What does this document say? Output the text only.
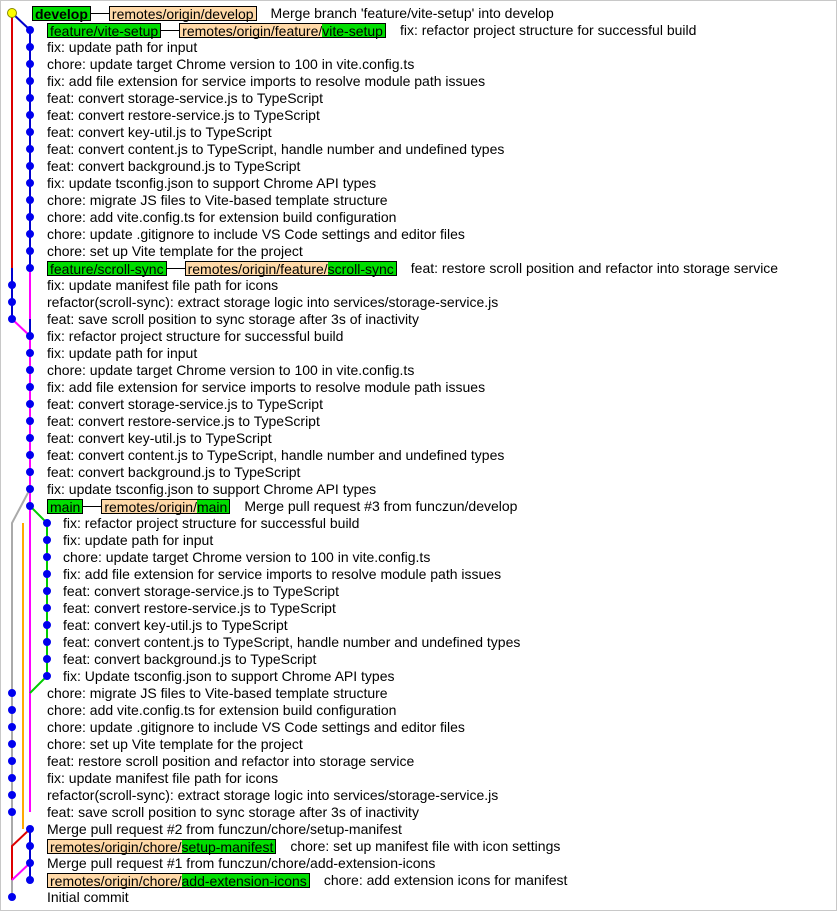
develop remotes/origin/ develop Merge branch 'feature/vite-setup' into develop
feature/vite-setup remotes/origin/feature/ vite-setup fix: refactor project structure for successful build
fix: update path for input
chore: update target Chrome version to 100 in vite.config.ts
fix: add file extension for service imports to resolve module path issues
feat: convert storage-service.js to TypeScript
feat: convert restore-service.js to TypeScript
feat: convert key-util.js to TypeScript
feat: convert content.js to TypeScript, handle number and undefined types
feat: convert background.js to TypeScript
fix: update tsconfig.json to support Chrome API types
chore: migrate JS files to Vite-based template structure
chore: add vite.config.ts for extension build configuration
chore: update .gitignore to include VS Code settings and editor files
chore: set up Vite template for the project
feature/scroll-sync remotes/origin/feature/ scroll-sync feat: restore scroll position and refactor into storage service
fix: update manifest file path for icons
refactor(scroll-sync): extract storage logic into services/storage-service.js
feat: save scroll position to sync storage after 3s of inactivity
fix: refactor project structure for successful build
fix: update path for input
chore: update target Chrome version to 100 in vite.config.ts
fix: add file extension for service imports to resolve module path issues
feat: convert storage-service.js to TypeScript
feat: convert restore-service.js to TypeScript
feat: convert key-util.js to TypeScript
feat: convert content.js to TypeScript, handle number and undefined types
feat: convert background.js to TypeScript
fix: update tsconfig.json to support Chrome API types
main remotes/origin/ main Merge pull request #3 from funczun/develop
fix: refactor project structure for successful build
fix: update path for input
chore: update target Chrome version to 100 in vite.config.ts
fix: add file extension for service imports to resolve module path issues
feat: convert storage-service.js to TypeScript
feat: convert restore-service.js to TypeScript
feat: convert key-util.js to TypeScript
feat: convert content.js to TypeScript, handle number and undefined types
feat: convert background.js to TypeScript
fix: Update tsconfig.json to support Chrome API types
chore: migrate JS files to Vite-based template structure
chore: add vite.config.ts for extension build configuration
chore: update .gitignore to include VS Code settings and editor files
chore: set up Vite template for the project
feat: restore scroll position and refactor into storage service
fix: update manifest file path for icons
refactor(scroll-sync): extract storage logic into services/storage-service.js
feat: save scroll position to sync storage after 3s of inactivity
Merge pull request #2 from funczun/chore/setup-manifest
remotes/origin/chore/ setup-manifest chore: set up manifest file with icon settings
Merge pull request #1 from funczun/chore/add-extension-icons
remotes/origin/chore/ add-extension-icons chore: add extension icons for manifest
Initial commit
